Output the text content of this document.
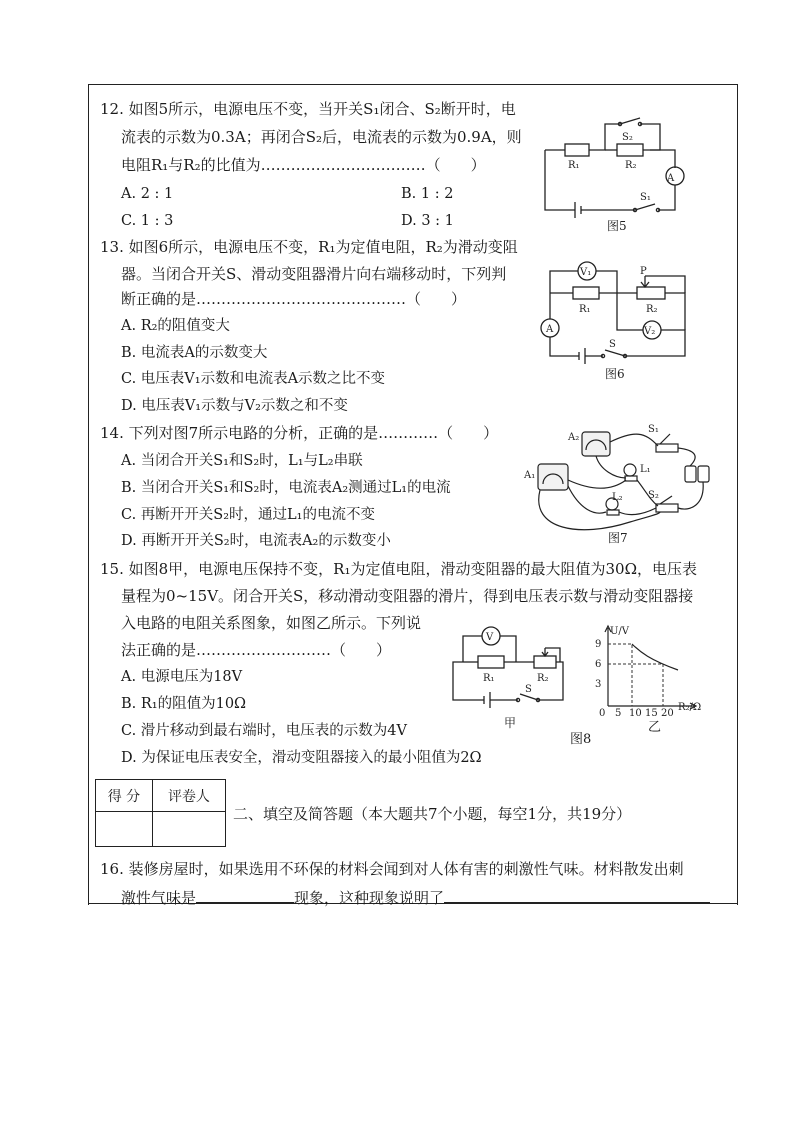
12. 如图5所示，电源电压不变，当开关S₁闭合、S₂断开时，电
流表的示数为0.3A；再闭合S₂后，电流表的示数为0.9A，则
电阻R₁与R₂的比值为……………………………（　　）
A. 2 : 1	B. 1 : 2
C. 1 : 3	D. 3 : 1
A
R₁	R₂
S₂
S₁
图5
13. 如图6所示，电源电压不变，R₁为定值电阻，R₂为滑动变阻
器。当闭合开关S、滑动变阻器滑片向右端移动时，下列判
断正确的是……………………………………（　　）
A. R₂的阻值变大
B. 电流表A的示数变大
C. 电压表V₁示数和电流表A示数之比不变
D. 电压表V₁示数与V₂示数之和不变
V₁
V₂
A
R₁	R₂
P
S
图6
14. 下列对图7所示电路的分析，正确的是…………（　　）
A. 当闭合开关S₁和S₂时，L₁与L₂串联
B. 当闭合开关S₁和S₂时，电流表A₂测通过L₁的电流
C. 再断开开关S₂时，通过L₁的电流不变
D. 再断开开关S₂时，电流表A₂的示数变小
A₂
A₁
L₁
L₂
S₁
S₂
图7
15. 如图8甲，电源电压保持不变，R₁为定值电阻，滑动变阻器的最大阻值为30Ω，电压表
量程为0~15V。闭合开关S，移动滑动变阻器的滑片，得到电压表示数与滑动变阻器接
入电路的电阻关系图象，如图乙所示。下列说
法正确的是………………………（　　）
A. 电源电压为18V
B. R₁的阻值为10Ω
C. 滑片移动到最右端时，电压表的示数为4V
D. 为保证电压表安全，滑动变阻器接入的最小阻值为2Ω
V
R₁	R₂
S
甲
U/V
R₂/Ω
9
6
3
0 5 10 15 20
乙
图8
得 分	评卷人

二、填空及简答题（本大题共7个小题，每空1分，共19分）
16. 装修房屋时，如果选用不环保的材料会闻到对人体有害的刺激性气味。材料散发出刺
激性气味是	现象，这种现象说明了
